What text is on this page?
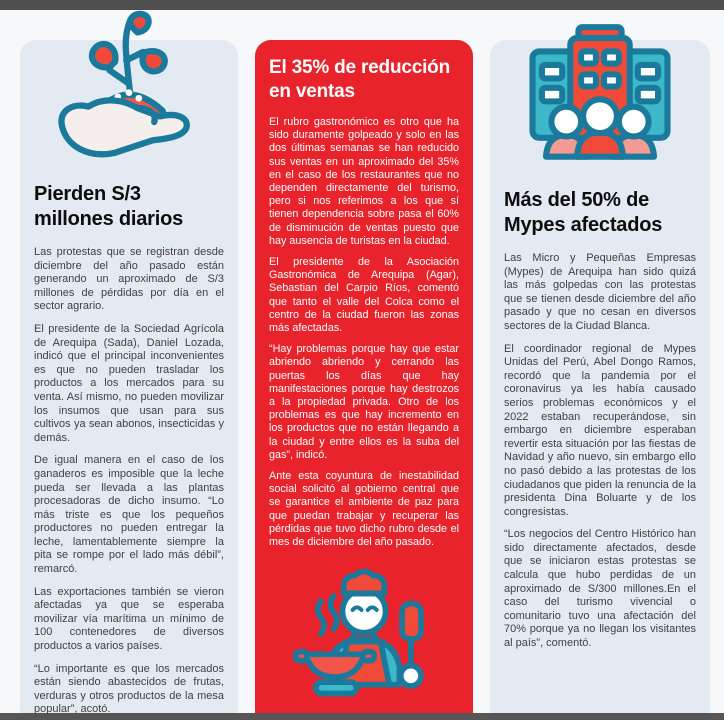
Pierden S/3 millones diarios

Las protestas que se registran desde diciembre del año pasado están generando un aproximado de S/3 millones de pérdidas por día en el sector agrario.

El presidente de la Sociedad Agrícola de Arequipa (Sada), Daniel Lozada, indicó que el principal inconvenientes es que no pueden trasladar los productos a los mercados para su venta. Así mismo, no pueden movilizar los insumos que usan para sus cultivos ya sean abonos, insecticidas y demás.

De igual manera en el caso de los ganaderos es imposible que la leche pueda ser llevada a las plantas procesadoras de dicho insumo. “Lo más triste es que los pequeños productores no pueden entregar la leche, lamentablemente siempre la pita se rompe por el lado más débil”, remarcó.

Las exportaciones también se vieron afectadas ya que se esperaba movilizar vía marítima un mínimo de 100 contenedores de diversos productos a varios países.

“Lo importante es que los mercados están siendo abastecidos de frutas, verduras y otros productos de la mesa popular”, acotó.

El 35% de reducción en ventas

El rubro gastronómico es otro que ha sido duramente golpeado y solo en las dos últimas semanas se han reducido sus ventas en un aproximado del 35% en el caso de los restaurantes que no dependen directamente del turismo, pero si nos referimos a los que sí tienen dependencia sobre pasa el 60% de disminución de ventas puesto que hay ausencia de turistas en la ciudad.

El presidente de la Asociación Gastronómica de Arequipa (Agar), Sebastian del Carpio Ríos, comentó que tanto el valle del Colca como el centro de la ciudad fueron las zonas más afectadas.

“Hay problemas porque hay que estar abriendo abriendo y cerrando las puertas los días que hay manifestaciones porque hay destrozos a la propiedad privada. Otro de los problemas es que hay incremento en los productos que no están llegando a la ciudad y entre ellos es la suba del gas”, indicó.

Ante esta coyuntura de inestabilidad social solicitó al gobierno central que se garantice el ambiente de paz para que puedan trabajar y recuperar las pérdidas que tuvo dicho rubro desde el mes de diciembre del año pasado.

Más del 50% de Mypes afectados

Las Micro y Pequeñas Empresas (Mypes) de Arequipa han sido quizá las más golpedas con las protestas que se tienen desde diciembre del año pasado y que no cesan en diversos sectores de la Ciudad Blanca.

El coordinador regional de Mypes Unidas del Perú, Abel Dongo Ramos, recordó que la pandemia por el coronavirus ya les había causado serios problemas económicos y el 2022 estaban recuperándose, sin embargo en diciembre esperaban revertir esta situación por las fiestas de Navidad y año nuevo, sin embargo ello no pasó debido a las protestas de los ciudadanos que piden la renuncia de la presidenta Dina Boluarte y de los congresistas.

“Los negocios del Centro Histórico han sido directamente afectados, desde que se iniciaron estas protestas se calcula que hubo perdidas de un aproximado de S/300 millones.En el caso del turismo vivencial o comunitario tuvo una afectación del 70% porque ya no llegan los visitantes al país”, comentó.
